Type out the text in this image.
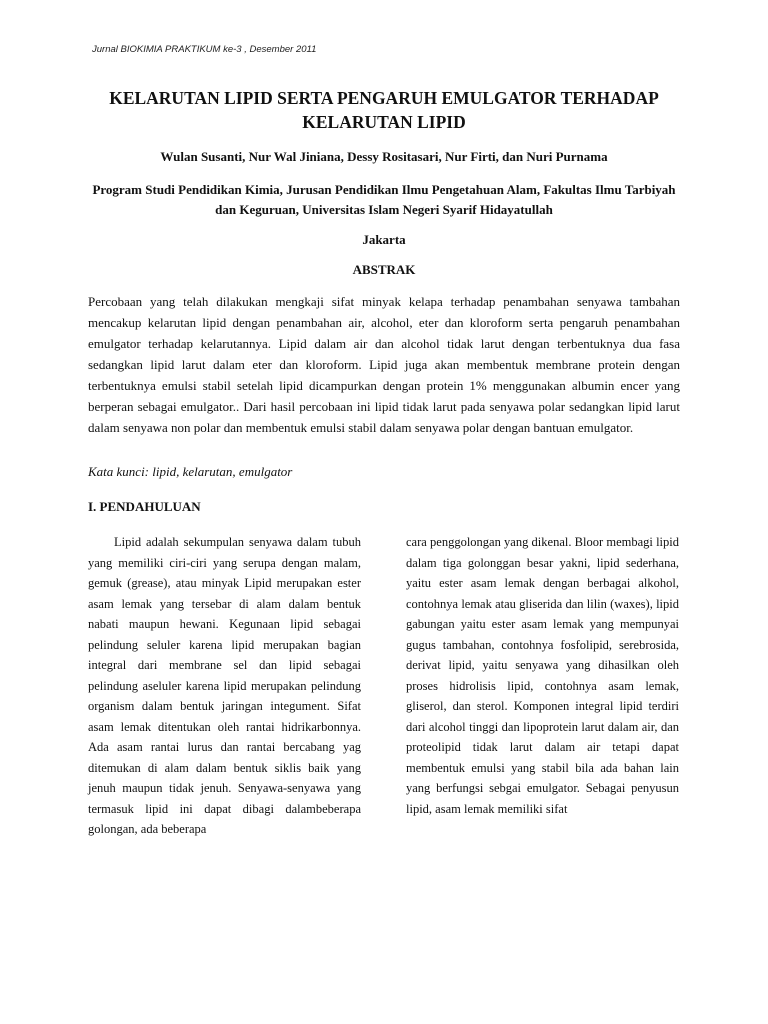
Jurnal BIOKIMIA PRAKTIKUM ke-3 , Desember 2011
KELARUTAN LIPID SERTA PENGARUH EMULGATOR TERHADAP KELARUTAN LIPID
Wulan Susanti, Nur Wal Jiniana, Dessy Rositasari, Nur Firti, dan Nuri Purnama
Program Studi Pendidikan Kimia, Jurusan Pendidikan Ilmu Pengetahuan Alam, Fakultas Ilmu Tarbiyah dan Keguruan, Universitas Islam Negeri Syarif Hidayatullah
Jakarta
ABSTRAK

Percobaan yang telah dilakukan mengkaji sifat minyak kelapa terhadap penambahan senyawa tambahan mencakup kelarutan lipid dengan penambahan air, alcohol, eter dan kloroform serta pengaruh penambahan emulgator terhadap kelarutannya. Lipid dalam air dan alcohol tidak larut dengan terbentuknya dua fasa sedangkan lipid larut dalam eter dan kloroform. Lipid juga akan membentuk membrane protein dengan terbentuknya emulsi stabil setelah lipid dicampurkan dengan protein 1% menggunakan albumin encer yang berperan sebagai emulgator.. Dari hasil percobaan ini lipid tidak larut pada senyawa polar sedangkan lipid larut dalam senyawa non polar dan membentuk emulsi stabil dalam senyawa polar dengan bantuan emulgator.

Kata kunci: lipid, kelarutan, emulgator
I. PENDAHULUAN

Lipid adalah sekumpulan senyawa dalam tubuh yang memiliki ciri-ciri yang serupa dengan malam, gemuk (grease), atau minyak Lipid merupakan ester asam lemak yang tersebar di alam dalam bentuk nabati maupun hewani. Kegunaan lipid sebagai pelindung seluler karena lipid merupakan bagian integral dari membrane sel dan lipid sebagai pelindung aseluler karena lipid merupakan pelindung organism dalam bentuk jaringan integument. Sifat asam lemak ditentukan oleh rantai hidrikarbonnya. Ada asam rantai lurus dan rantai bercabang yag ditemukan di alam dalam bentuk siklis baik yang jenuh maupun tidak jenuh. Senyawa-senyawa yang termasuk lipid ini dapat dibagi dalambeberapa golongan, ada beberapa

cara penggolongan yang dikenal. Bloor membagi lipid dalam tiga golonggan besar yakni, lipid sederhana, yaitu ester asam lemak dengan berbagai alkohol, contohnya lemak atau gliserida dan lilin (waxes), lipid gabungan yaitu ester asam lemak yang mempunyai gugus tambahan, contohnya fosfolipid, serebrosida, derivat lipid, yaitu senyawa yang dihasilkan oleh proses hidrolisis lipid, contohnya asam lemak, gliserol, dan sterol. Komponen integral lipid terdiri dari alcohol tinggi dan lipoprotein larut dalam air, dan proteolipid tidak larut dalam air tetapi dapat membentuk emulsi yang stabil bila ada bahan lain yang berfungsi sebgai emulgator. Sebagai penyusun lipid, asam lemak memiliki sifat
